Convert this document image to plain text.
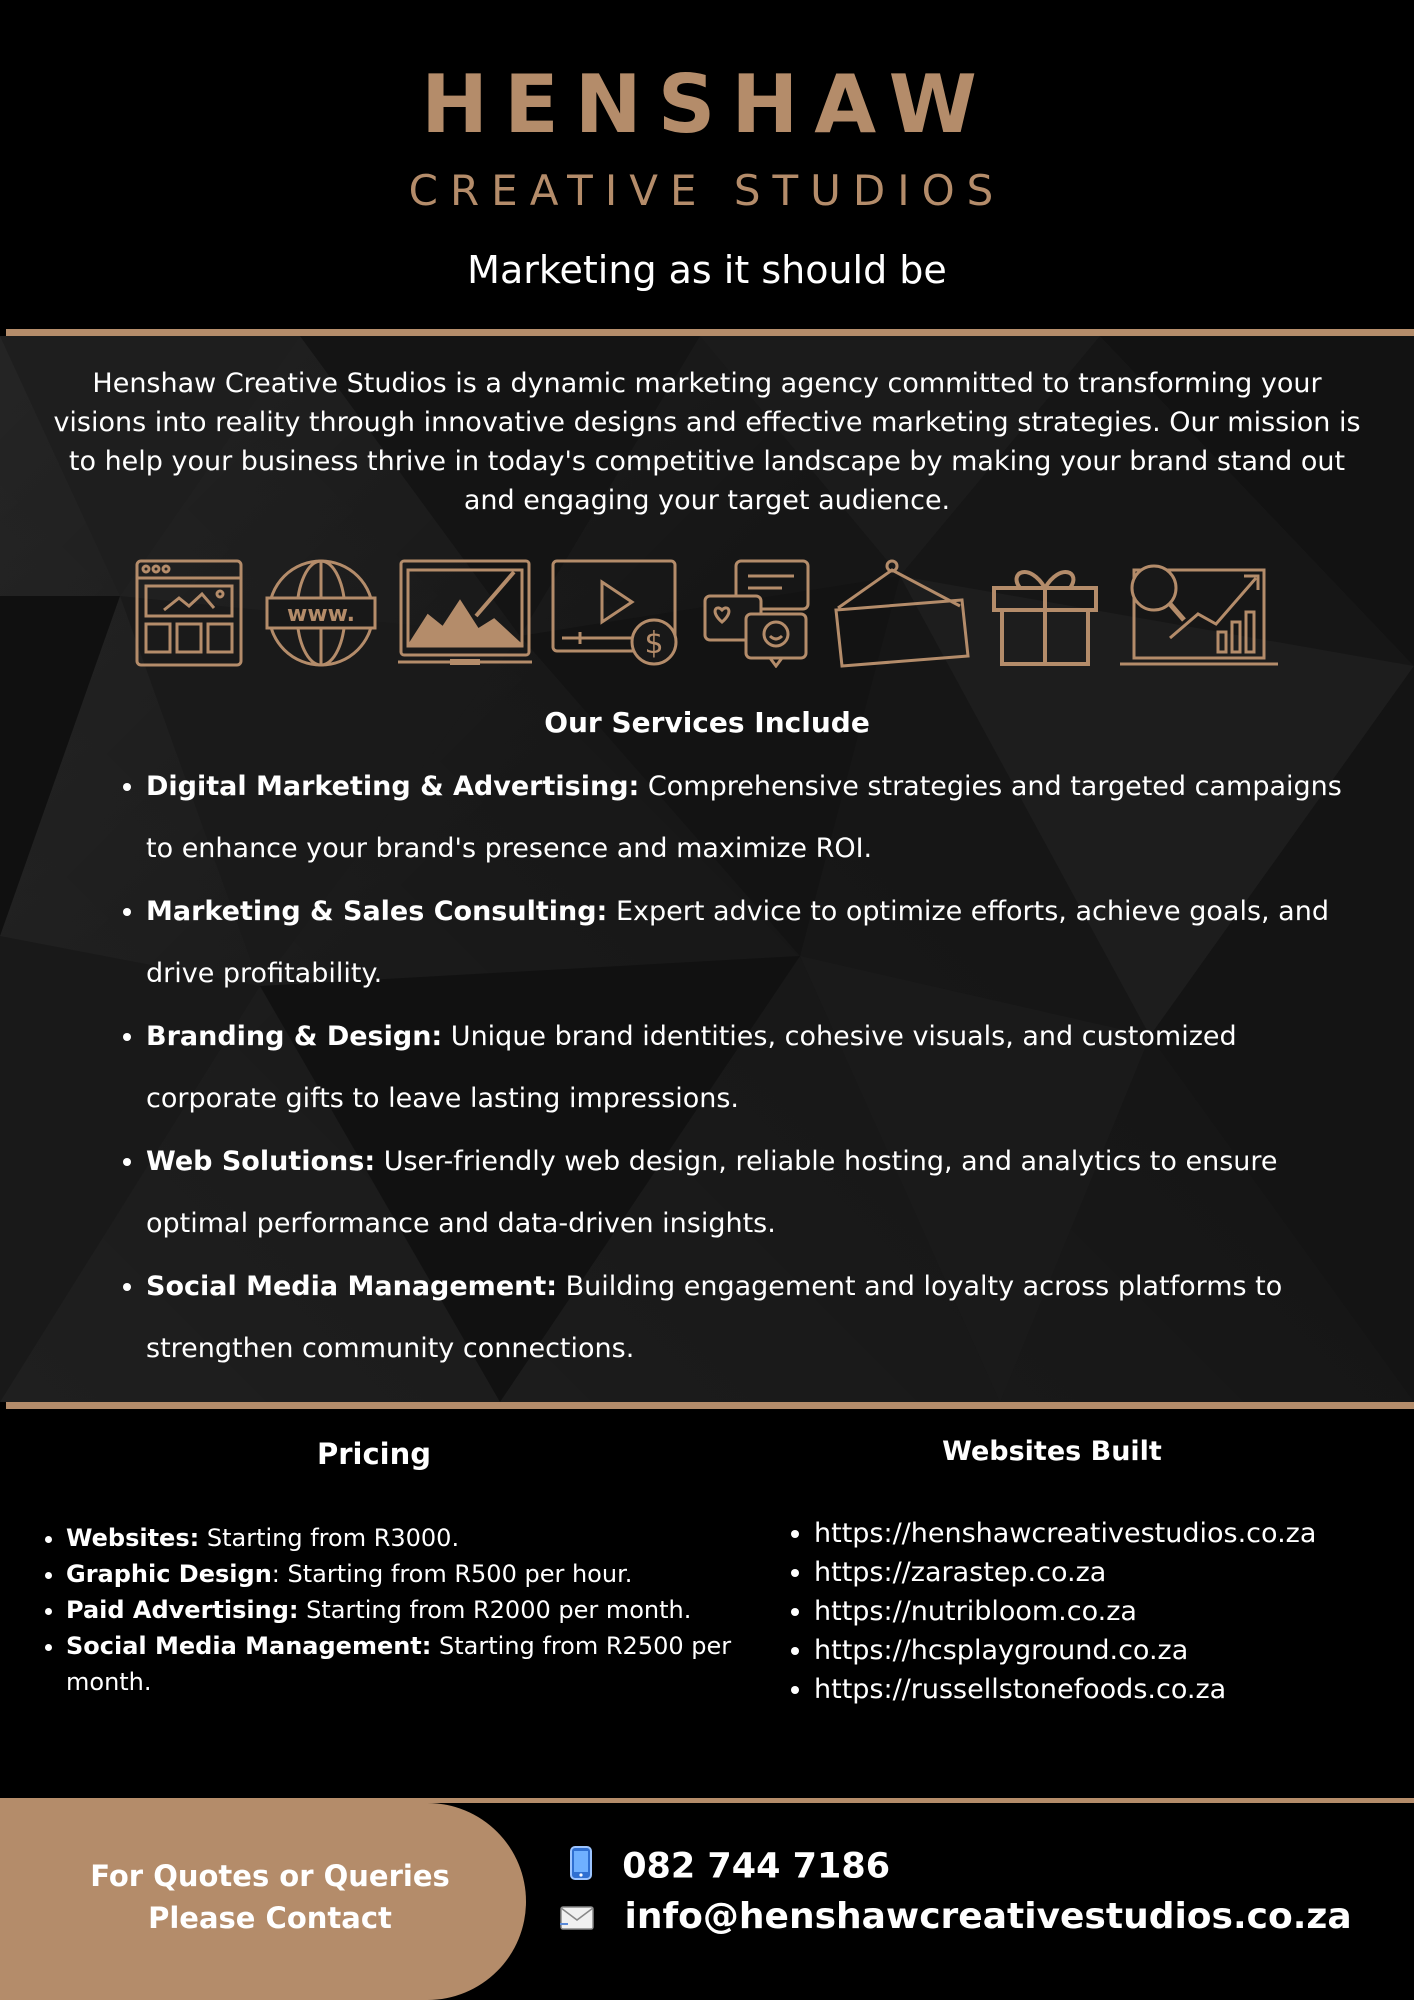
HENSHAW
CREATIVE STUDIOS
Marketing as it should be
Henshaw Creative Studios is a dynamic marketing agency committed to transforming your visions into reality through innovative designs and effective marketing strategies. Our mission is to help your business thrive in today's competitive landscape by making your brand stand out and engaging your target audience.
www.
$
Our Services Include
• Digital Marketing & Advertising: Comprehensive strategies and targeted campaigns to enhance your brand's presence and maximize ROI.
• Marketing & Sales Consulting: Expert advice to optimize efforts, achieve goals, and drive profitability.
• Branding & Design: Unique brand identities, cohesive visuals, and customized corporate gifts to leave lasting impressions.
• Web Solutions: User-friendly web design, reliable hosting, and analytics to ensure optimal performance and data-driven insights.
• Social Media Management: Building engagement and loyalty across platforms to strengthen community connections.
Pricing
• Websites: Starting from R3000.
• Graphic Design: Starting from R500 per hour.
• Paid Advertising: Starting from R2000 per month.
• Social Media Management: Starting from R2500 per month.
Websites Built
• https://henshawcreativestudios.co.za
• https://zarastep.co.za
• https://nutribloom.co.za
• https://hcsplayground.co.za
• https://russellstonefoods.co.za
For Quotes or Queries
Please Contact
082 744 7186
info@henshawcreativestudios.co.za
